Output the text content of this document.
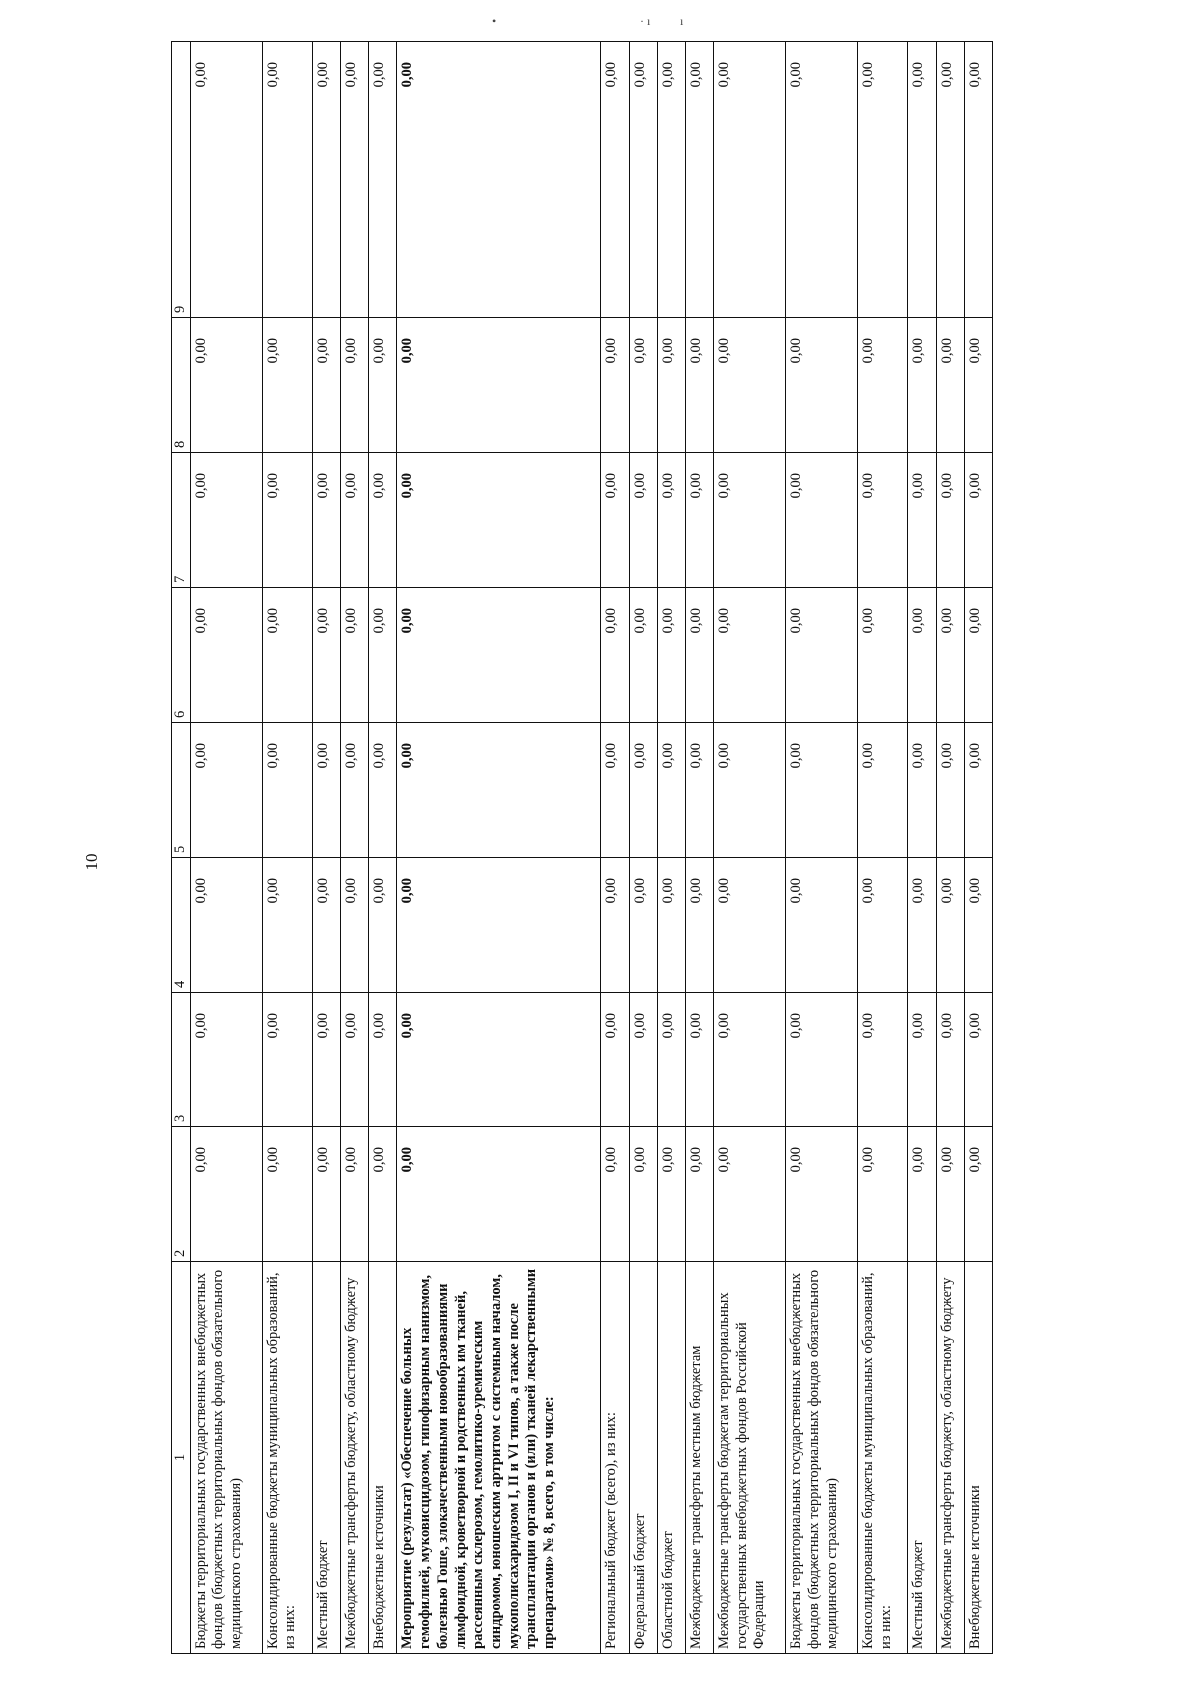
10
•	· ı ı
1	2	3	4	5	6	7	8	9
Бюджеты территориальных государственных внебюджетных фондов (бюджетных территориальных фондов обязательного медицинского страхования)	0,00	0,00	0,00	0,00	0,00	0,00	0,00	0,00
Консолидированные бюджеты муниципальных образований, из них:	0,00	0,00	0,00	0,00	0,00	0,00	0,00	0,00
Местный бюджет	0,00	0,00	0,00	0,00	0,00	0,00	0,00	0,00
Межбюджетные трансферты бюджету, областному бюджету	0,00	0,00	0,00	0,00	0,00	0,00	0,00	0,00
Внебюджетные источники	0,00	0,00	0,00	0,00	0,00	0,00	0,00	0,00
Мероприятие (результат) «Обеспечение больных гемофилией, муковисцидозом, гипофизарным нанизмом, болезнью Гоше, злокачественными новообразованиями лимфоидной, кроветворной и родственных им тканей, рассеянным склерозом, гемолитико-уремическим синдромом, юношеским артритом с системным началом, мукополисахаридозом I, II и VI типов, а также после трансплантации органов и (или) тканей лекарственными препаратами» № 8, всего, в том числе:	0,00	0,00	0,00	0,00	0,00	0,00	0,00	0,00
Региональный бюджет (всего), из них:	0,00	0,00	0,00	0,00	0,00	0,00	0,00	0,00
Федеральный бюджет	0,00	0,00	0,00	0,00	0,00	0,00	0,00	0,00
Областной бюджет	0,00	0,00	0,00	0,00	0,00	0,00	0,00	0,00
Межбюджетные трансферты местным бюджетам	0,00	0,00	0,00	0,00	0,00	0,00	0,00	0,00
Межбюджетные трансферты бюджетам территориальных государственных внебюджетных фондов Российской Федерации	0,00	0,00	0,00	0,00	0,00	0,00	0,00	0,00
Бюджеты территориальных государственных внебюджетных фондов (бюджетных территориальных фондов обязательного медицинского страхования)	0,00	0,00	0,00	0,00	0,00	0,00	0,00	0,00
Консолидированные бюджеты муниципальных образований, из них:	0,00	0,00	0,00	0,00	0,00	0,00	0,00	0,00
Местный бюджет	0,00	0,00	0,00	0,00	0,00	0,00	0,00	0,00
Межбюджетные трансферты бюджету, областному бюджету	0,00	0,00	0,00	0,00	0,00	0,00	0,00	0,00
Внебюджетные источники	0,00	0,00	0,00	0,00	0,00	0,00	0,00	0,00
